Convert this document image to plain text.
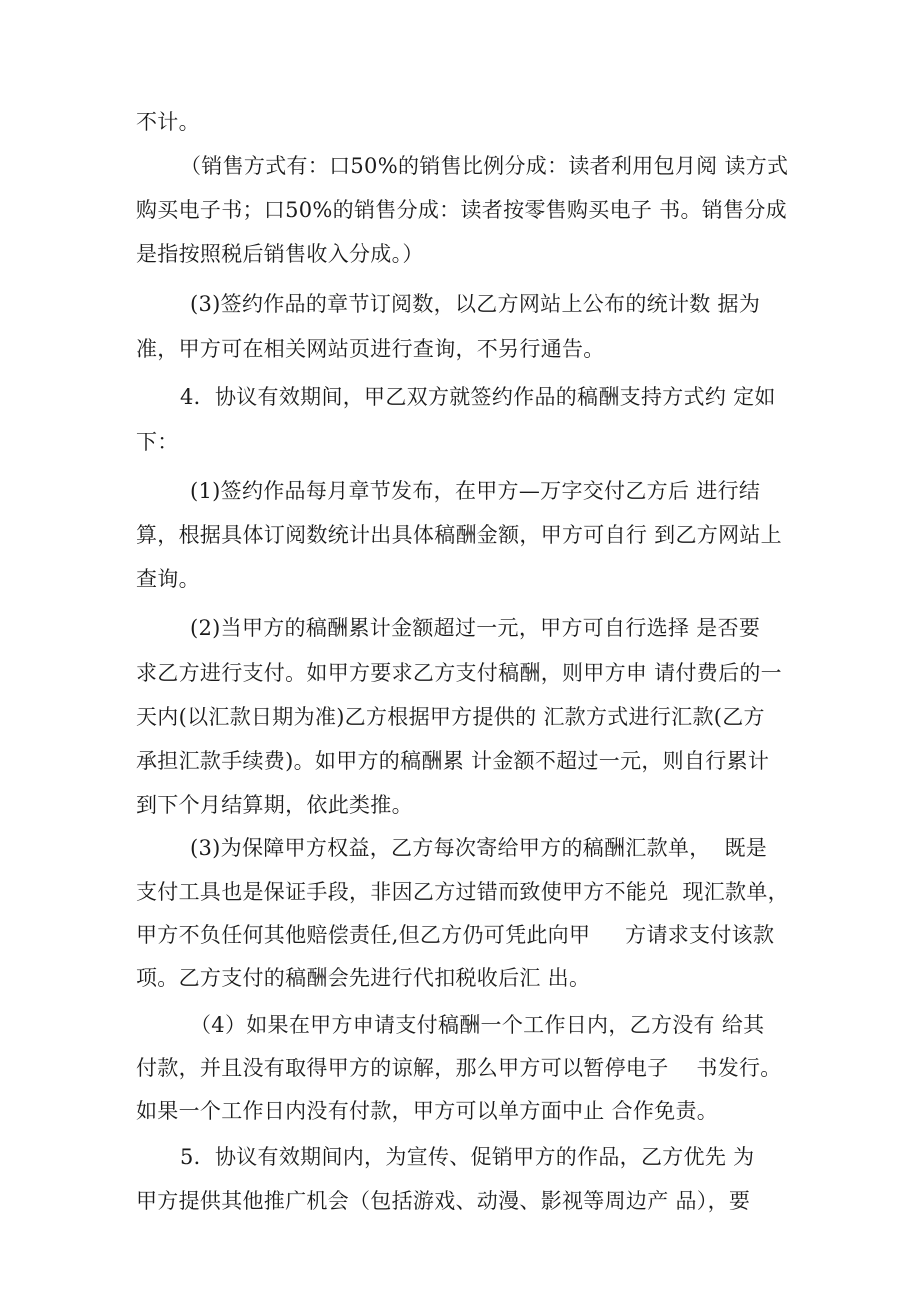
不计。
（销售方式有：口50%的销售比例分成：读者利用包月阅 读方式
购买电子书；口50%的销售分成：读者按零售购买电子 书。销售分成
是指按照税后销售收入分成。）
(3)签约作品的章节订阅数，以乙方网站上公布的统计数 据为
准，甲方可在相关网站页进行查询，不另行通告。
4．协议有效期间，甲乙双方就签约作品的稿酬支持方式约 定如
下：
(1)签约作品每月章节发布，在甲方—万字交付乙方后 进行结
算，根据具体订阅数统计出具体稿酬金额，甲方可自行 到乙方网站上
查询。
(2)当甲方的稿酬累计金额超过一元，甲方可自行选择 是否要
求乙方进行支付。如甲方要求乙方支付稿酬，则甲方申 请付费后的一
天内(以汇款日期为准)乙方根据甲方提供的 汇款方式进行汇款(乙方
承担汇款手续费)。如甲方的稿酬累 计金额不超过一元，则自行累计
到下个月结算期，依此类推。
(3)为保障甲方权益，乙方每次寄给甲方的稿酬汇款单，  既是
支付工具也是保证手段，非因乙方过错而致使甲方不能兑  现汇款单，
甲方不负任何其他赔偿责任,但乙方仍可凭此向甲     方请求支付该款
项。乙方支付的稿酬会先进行代扣税收后汇 出。
（4）如果在甲方申请支付稿酬一个工作日内，乙方没有 给其
付款，并且没有取得甲方的谅解，那么甲方可以暂停电子    书发行。
如果一个工作日内没有付款，甲方可以单方面中止 合作免责。
5．协议有效期间内，为宣传、促销甲方的作品，乙方优先 为
甲方提供其他推广机会（包括游戏、动漫、影视等周边产 品），要
